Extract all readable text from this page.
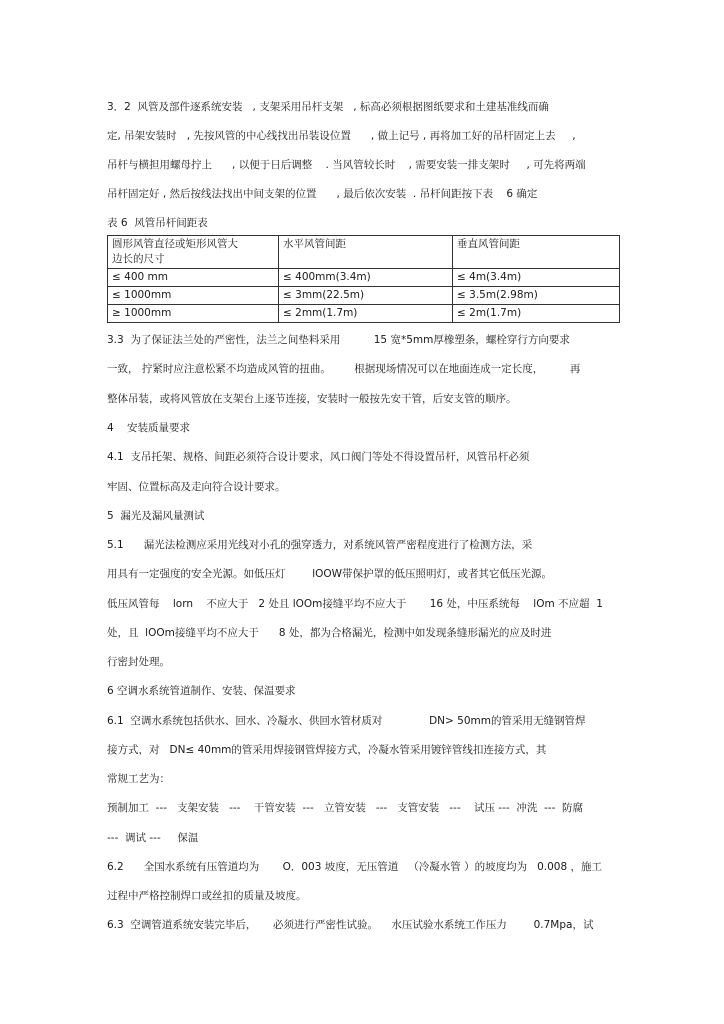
3．2  风管及部件逐系统安装   , 支架采用吊杆支架   , 标高必须根据图纸要求和土建基准线而确
定, 吊架安装时   , 先按风管的中心线找出吊装设位置      , 做上记号 , 再将加工好的吊杆固定上去     ,
吊杆与横担用螺母拧上      , 以便于日后调整    . 当风管较长时    , 需要安装一排支架时     , 可先将两端
吊杆固定好 , 然后按线法找出中间支架的位置      , 最后依次安装  . 吊杆间距按下表    6 确定
表 6  风管吊杆间距表
圆形风管直径或矩形风管大
边长的尺寸	水平风管间距	垂直风管间距
≤ 400 mm	≤ 400mm(3.4m)	≤ 4m(3.4m)
≤ 1000mm	≤ 3mm(22.5m)	≤ 3.5m(2.98m)
≥ 1000mm	≤ 2mm(1.7m)	≤ 2m(1.7m)
3.3  为了保证法兰处的严密性，法兰之间垫料采用          15 宽*5mm厚橡塑条，螺栓穿行方向要求
一致， 拧紧时应注意松紧不均造成风管的扭曲。       根据现场情况可以在地面连成一定长度，        再
整体吊装，或将风管放在支架台上逐节连接，安装时一般按先安干管，后安支管的顺序。
4    安装质量要求
4.1  支吊托架、规格、间距必须符合设计要求，风口阀门等处不得设置吊杆，风管吊杆必须
牢固、位置标高及走向符合设计要求。
5  漏光及漏风量测试
5.1      漏光法检测应采用光线对小孔的强穿透力，对系统风管严密程度进行了检测方法，采
用具有一定强度的安全光源。如低压灯        lOOW带保护罩的低压照明灯，或者其它低压光源。
低压风管每    lorn    不应大于   2 处且 lOOm接缝平均不应大于       16 处，中压系统每    lOm 不应超  1
处，且  lOOm接缝平均不应大于      8 处，都为合格漏光，检测中如发现条缝形漏光的应及时进
行密封处理。
6 空调水系统管道制作、安装、保温要求
6.1  空调水系统包括供水、回水、冷凝水、供回水管材质对              DN> 50mm的管采用无缝钢管焊
接方式，对   DN≤ 40mm的管采用焊接钢管焊接方式，冷凝水管采用镀锌管线扣连接方式，其
常规工艺为：
预制加工  ---   支架安装   ---    干管安装  ---   立管安装   ---   支管安装   ---    试压 ---  冲洗  ---  防腐
---  调试 ---     保温
6.2      全国水系统有压管道均为       O．003 坡度，无压管道   （冷凝水管 ）的坡度均为   0.008 ，施工
过程中严格控制焊口或丝扣的质量及坡度。
6.3  空调管道系统安装完毕后，     必须进行严密性试验。    水压试验水系统工作压力        0.7Mpa，试
